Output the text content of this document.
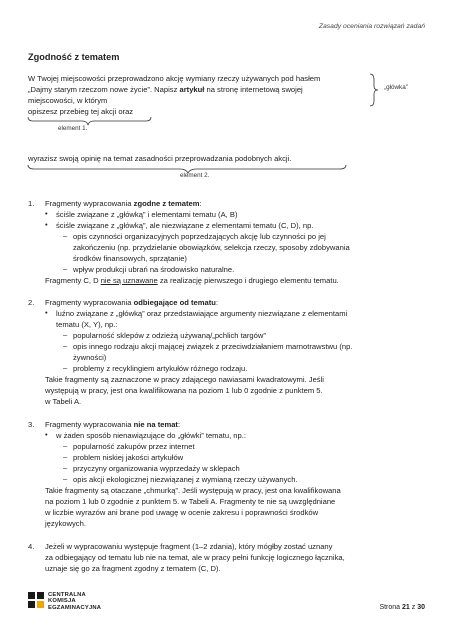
Zasady oceniania rozwiązań zadań
Zgodność z tematem
W Twojej miejscowości przeprowadzono akcję wymiany rzeczy używanych pod hasłem
„Dajmy starym rzeczom nowe życie”. Napisz artykuł na stronę internetową swojej
miejscowości, w którym
opiszesz przebieg tej akcji oraz
„główka”
element 1.
wyrazisz swoją opinię na temat zasadności przeprowadzania podobnych akcji.
element 2.
1. Fragmenty wypracowania zgodne z tematem:
• ściśle związane z „główką” i elementami tematu (A, B)
• ściśle związane z „główką”, ale niezwiązane z elementami tematu (C, D), np.
– opis czynności organizacyjnych poprzedzających akcję lub czynności po jej
zakończeniu (np. przydzielanie obowiązków, selekcja rzeczy, sposoby zdobywania
środków finansowych, sprzątanie)
– wpływ produkcji ubrań na środowisko naturalne.
Fragmenty C, D nie są uznawane za realizację pierwszego i drugiego elementu tematu.
2. Fragmenty wypracowania odbiegające od tematu:
• luźno związane z „główką” oraz przedstawiające argumenty niezwiązane z elementami
tematu (X, Y), np.:
– popularność sklepów z odzieżą używaną/„pchlich targów”
– opis innego rodzaju akcji mającej związek z przeciwdziałaniem marnotrawstwu (np.
żywności)
– problemy z recyklingiem artykułów różnego rodzaju.
Takie fragmenty są zaznaczone w pracy zdającego nawiasami kwadratowymi. Jeśli
występują w pracy, jest ona kwalifikowana na poziom 1 lub 0 zgodnie z punktem 5.
w Tabeli A.
3. Fragmenty wypracowania nie na temat:
• w żaden sposób nienawiązujące do „główki” tematu, np.:
– popularność zakupów przez internet
– problem niskiej jakości artykułów
– przyczyny organizowania wyprzedaży w sklepach
– opis akcji ekologicznej niezwiązanej z wymianą rzeczy używanych.
Takie fragmenty są otaczane „chmurką”. Jeśli występują w pracy, jest ona kwalifikowana
na poziom 1 lub 0 zgodnie z punktem 5. w Tabeli A. Fragmenty te nie są uwzględniane
w liczbie wyrazów ani brane pod uwagę w ocenie zakresu i poprawności środków
językowych.
4. Jeżeli w wypracowaniu występuje fragment (1–2 zdania), który mógłby zostać uznany
za odbiegający od tematu lub nie na temat, ale w pracy pełni funkcję logicznego łącznika,
uznaje się go za fragment zgodny z tematem (C, D).
CENTRALNA
KOMISJA
EGZAMINACYJNA	Strona 21 z 30
